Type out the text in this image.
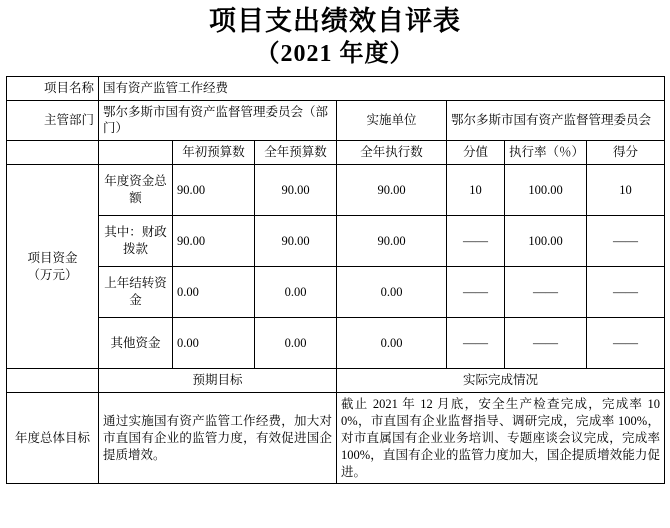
项目支出绩效自评表
（2021 年度）
项目名称	国有资产监管工作经费						
主管部门	鄂尔多斯市国有资产监督管理委员会（部门）			实施单位	鄂尔多斯市国有资产监督管理委员会		
		年初预算数	全年预算数	全年执行数	分值	执行率（％）	得分

项目资金
（万元）	年度资金总额	90.00	90.00	90.00	10	100.00	10
	其中：财政拨款	90.00	90.00	90.00	——	100.00	——
	上年结转资金	0.00	0.00	0.00	——	——	——
	其他资金	0.00	0.00	0.00	——	——	——
	预期目标			实际完成情况			
年度总体目标	通过实施国有资产监管工作经费，加大对市直国有企业的监管力度，有效促进国企提质增效。			截止 2021 年 12 月底，安全生产检查完成，完成率 100%，市直国有企业监督指导、调研完成，完成率 100%，对市直属国有企业业务培训、专题座谈会议完成，完成率 100%，直国有企业的监管力度加大，国企提质增效能力促进。			
